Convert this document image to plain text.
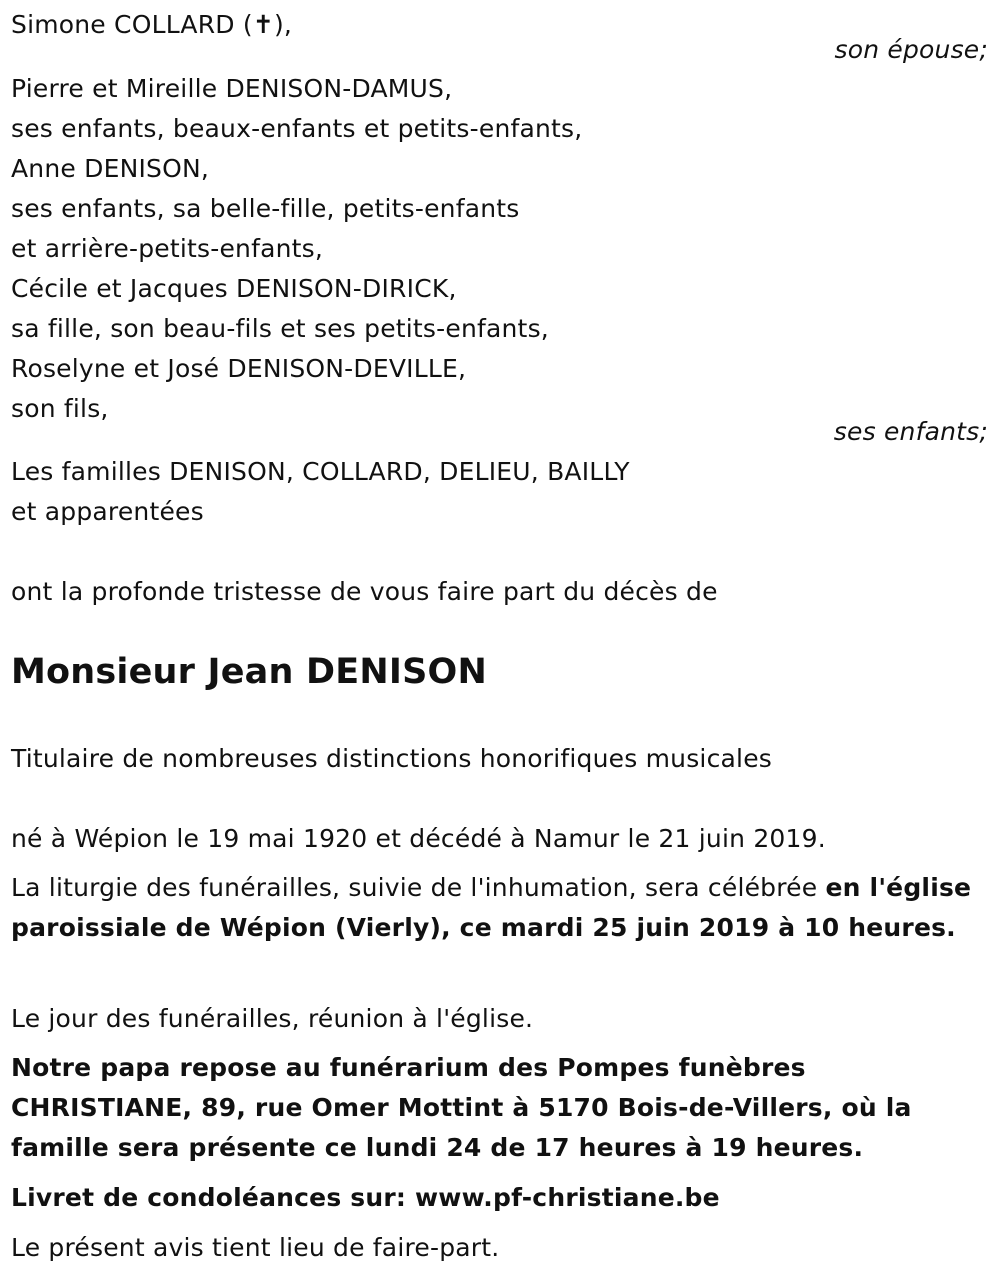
Simone COLLARD (✝),
son épouse;
Pierre et Mireille DENISON-DAMUS,
ses enfants, beaux-enfants et petits-enfants,
Anne DENISON,
ses enfants, sa belle-fille, petits-enfants
et arrière-petits-enfants,
Cécile et Jacques DENISON-DIRICK,
sa fille, son beau-fils et ses petits-enfants,
Roselyne et José DENISON-DEVILLE,
son fils,
ses enfants;
Les familles DENISON, COLLARD, DELIEU, BAILLY
et apparentées
ont la profonde tristesse de vous faire part du décès de
Monsieur Jean DENISON
Titulaire de nombreuses distinctions honorifiques musicales
né à Wépion le 19 mai 1920 et décédé à Namur le 21 juin 2019.
La liturgie des funérailles, suivie de l'inhumation, sera célébrée en l'église paroissiale de Wépion (Vierly), ce mardi 25 juin 2019 à 10 heures.
Le jour des funérailles, réunion à l'église.
Notre papa repose au funérarium des Pompes funèbres CHRISTIANE, 89, rue Omer Mottint à 5170 Bois-de-Villers, où la famille sera présente ce lundi 24 de 17 heures à 19 heures.
Livret de condoléances sur: www.pf-christiane.be
Le présent avis tient lieu de faire-part.
